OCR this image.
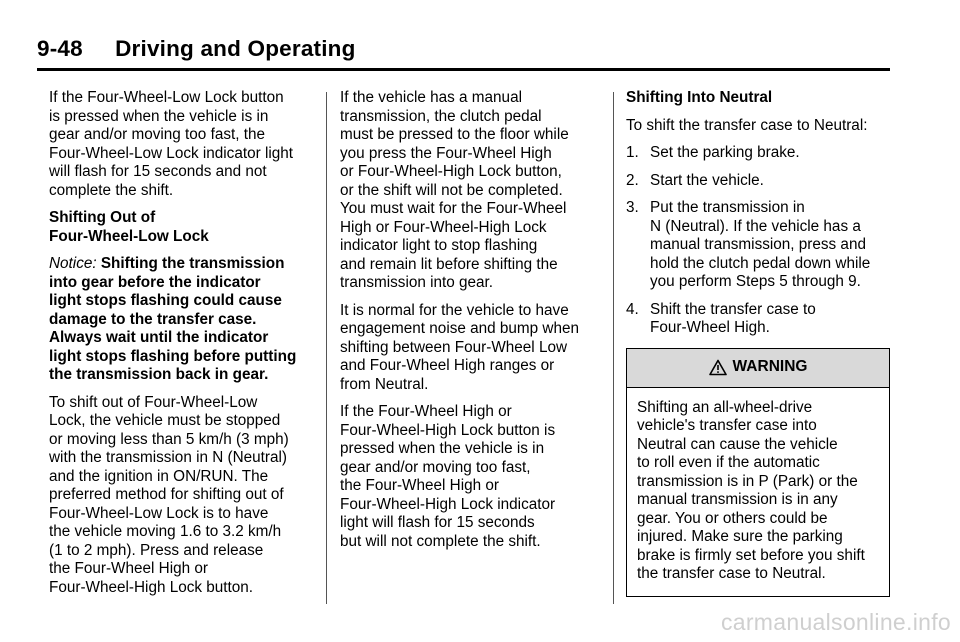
9-48     Driving and Operating

If the Four-Wheel-Low Lock button
is pressed when the vehicle is in
gear and/or moving too fast, the
Four-Wheel-Low Lock indicator light
will flash for 15 seconds and not
complete the shift.

Shifting Out of
Four-Wheel-Low Lock

Notice: Shifting the transmission
into gear before the indicator
light stops flashing could cause
damage to the transfer case.
Always wait until the indicator
light stops flashing before putting
the transmission back in gear.

To shift out of Four-Wheel-Low
Lock, the vehicle must be stopped
or moving less than 5 km/h (3 mph)
with the transmission in N (Neutral)
and the ignition in ON/RUN. The
preferred method for shifting out of
Four-Wheel-Low Lock is to have
the vehicle moving 1.6 to 3.2 km/h
(1 to 2 mph). Press and release
the Four-Wheel High or
Four-Wheel-High Lock button.

If the vehicle has a manual
transmission, the clutch pedal
must be pressed to the floor while
you press the Four-Wheel High
or Four-Wheel-High Lock button,
or the shift will not be completed.
You must wait for the Four-Wheel
High or Four-Wheel-High Lock
indicator light to stop flashing
and remain lit before shifting the
transmission into gear.

It is normal for the vehicle to have
engagement noise and bump when
shifting between Four-Wheel Low
and Four-Wheel High ranges or
from Neutral.

If the Four-Wheel High or
Four-Wheel-High Lock button is
pressed when the vehicle is in
gear and/or moving too fast,
the Four-Wheel High or
Four-Wheel-High Lock indicator
light will flash for 15 seconds
but will not complete the shift.

Shifting Into Neutral

To shift the transfer case to Neutral:

1. Set the parking brake.
2. Start the vehicle.
3. Put the transmission in
N (Neutral). If the vehicle has a
manual transmission, press and
hold the clutch pedal down while
you perform Steps 5 through 9.
4. Shift the transfer case to
Four-Wheel High.
WARNING
Shifting an all-wheel-drive
vehicle's transfer case into
Neutral can cause the vehicle
to roll even if the automatic
transmission is in P (Park) or the
manual transmission is in any
gear. You or others could be
injured. Make sure the parking
brake is firmly set before you shift
the transfer case to Neutral.
carmanualsonline.info
